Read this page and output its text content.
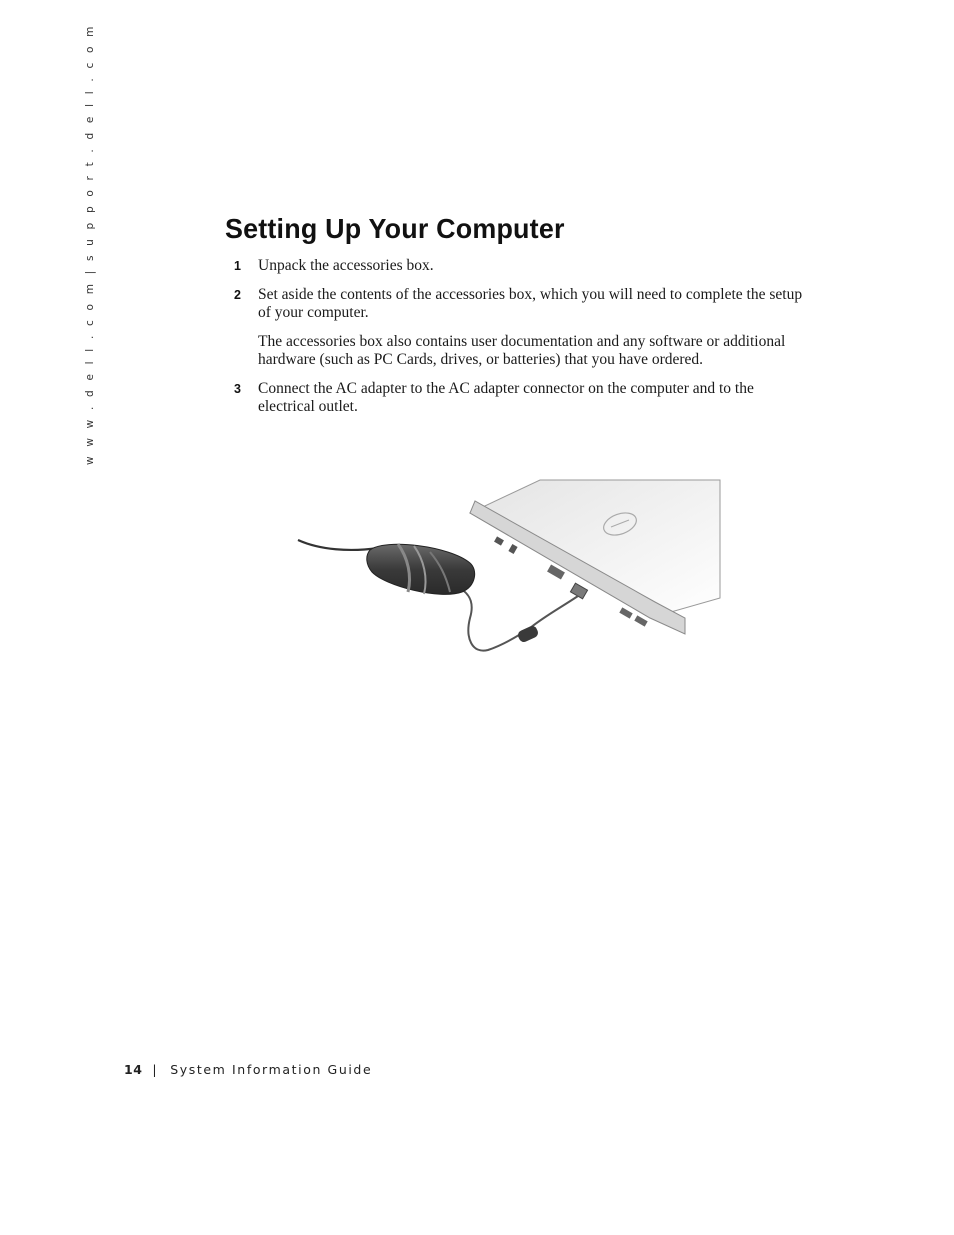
w w w . d e l l . c o m | s u p p o r t . d e l l . c o m	Setting Up Your Computer
1 Unpack the accessories box.

2 Set aside the contents of the accessories box, which you will need to complete the setup of your computer.

The accessories box also contains user documentation and any software or additional hardware (such as PC Cards, drives, or batteries) that you have ordered.

3 Connect the AC adapter to the AC adapter connector on the computer and to the electrical outlet.

14 | System Information Guide
